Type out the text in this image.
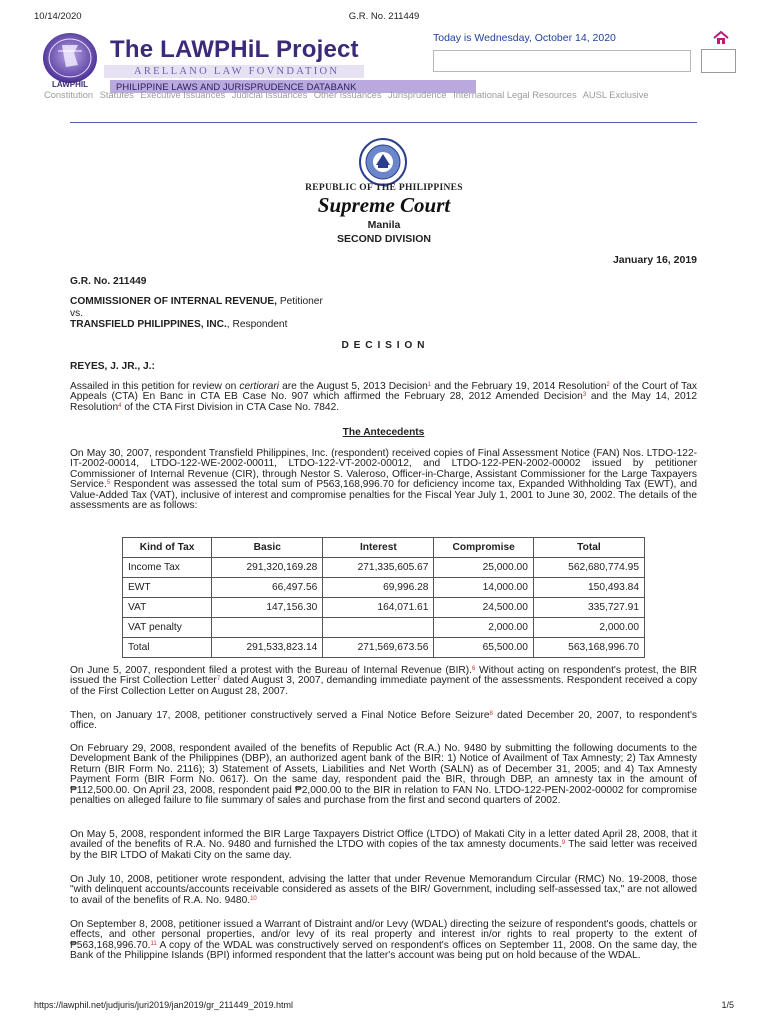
10/14/2020	G.R. No. 211449
LAWPHIL
The LAWPHiL Project
ARELLANO LAW FOVNDATION
PHILIPPINE LAWS AND JURISPRUDENCE DATABANK
Today is Wednesday, October 14, 2020
Constitution Statutes Executive Issuances Judicial Issuances Other Issuances Jurisprudence International Legal Resources AUSL Exclusive
REPUBLIC OF THE PHILIPPINES
Supreme Court
Manila
SECOND DIVISION
January 16, 2019
G.R. No. 211449
COMMISSIONER OF INTERNAL REVENUE, Petitioner
vs.
TRANSFIELD PHILIPPINES, INC., Respondent
D E C I S I O N
REYES, J. JR., J.:
Assailed in this petition for review on certiorari are the August 5, 2013 Decision$^1$ and the February 19, 2014 Resolution$^2$ of the Court of Tax Appeals (CTA) En Banc in CTA EB Case No. 907 which affirmed the February 28, 2012 Amended Decision$^3$ and the May 14, 2012 Resolution$^4$ of the CTA First Division in CTA Case No. 7842.
The Antecedents
On May 30, 2007, respondent Transfield Philippines, Inc. (respondent) received copies of Final Assessment Notice (FAN) Nos. LTDO-122-IT-2002-00014, LTDO-122-WE-2002-00011, LTDO-122-VT-2002-00012, and LTDO-122-PEN-2002-00002 issued by petitioner Commissioner of Internal Revenue (CIR), through Nestor S. Valeroso, Officer-in-Charge, Assistant Commissioner for the Large Taxpayers Service.$^5$ Respondent was assessed the total sum of P563,168,996.70 for deficiency income tax, Expanded Withholding Tax (EWT), and Value-Added Tax (VAT), inclusive of interest and compromise penalties for the Fiscal Year July 1, 2001 to June 30, 2002. The details of the assessments are as follows:
Kind of Tax	Basic	Interest	Compromise	Total
Income Tax	291,320,169.28	271,335,605.67	25,000.00	562,680,774.95
EWT	66,497.56	69,996.28	14,000.00	150,493.84
VAT	147,156.30	164,071.61	24,500.00	335,727.91
VAT penalty			2,000.00	2,000.00
Total	291,533,823.14	271,569,673.56	65,500.00	563,168,996.70
On June 5, 2007, respondent filed a protest with the Bureau of Internal Revenue (BIR).$^6$ Without acting on respondent's protest, the BIR issued the First Collection Letter$^7$ dated August 3, 2007, demanding immediate payment of the assessments. Respondent received a copy of the First Collection Letter on August 28, 2007.
Then, on January 17, 2008, petitioner constructively served a Final Notice Before Seizure$^8$ dated December 20, 2007, to respondent's office.
On February 29, 2008, respondent availed of the benefits of Republic Act (R.A.) No. 9480 by submitting the following documents to the Development Bank of the Philippines (DBP), an authorized agent bank of the BIR: 1) Notice of Availment of Tax Amnesty; 2) Tax Amnesty Return (BIR Form No. 2116); 3) Statement of Assets, Liabilities and Net Worth (SALN) as of December 31, 2005; and 4) Tax Amnesty Payment Form (BIR Form No. 0617). On the same day, respondent paid the BIR, through DBP, an amnesty tax in the amount of ₱112,500.00. On April 23, 2008, respondent paid ₱2,000.00 to the BIR in relation to FAN No. LTDO-122-PEN-2002-00002 for compromise penalties on alleged failure to file summary of sales and purchase from the first and second quarters of 2002.
On May 5, 2008, respondent informed the BIR Large Taxpayers District Office (LTDO) of Makati City in a letter dated April 28, 2008, that it availed of the benefits of R.A. No. 9480 and furnished the LTDO with copies of the tax amnesty documents.$^9$ The said letter was received by the BIR LTDO of Makati City on the same day.
On July 10, 2008, petitioner wrote respondent, advising the latter that under Revenue Memorandum Circular (RMC) No. 19-2008, those "with delinquent accounts/accounts receivable considered as assets of the BIR/ Government, including self-assessed tax," are not allowed to avail of the benefits of R.A. No. 9480.10
On September 8, 2008, petitioner issued a Warrant of Distraint and/or Levy (WDAL) directing the seizure of respondent's goods, chattels or effects, and other personal properties, and/or levy of its real property and interest in/or rights to real property to the extent of ₱563,168,996.70.11 A copy of the WDAL was constructively served on respondent's offices on September 11, 2008. On the same day, the Bank of the Philippine Islands (BPI) informed respondent that the latter's account was being put on hold because of the WDAL.
https://lawphil.net/judjuris/juri2019/jan2019/gr_211449_2019.html	1/5
